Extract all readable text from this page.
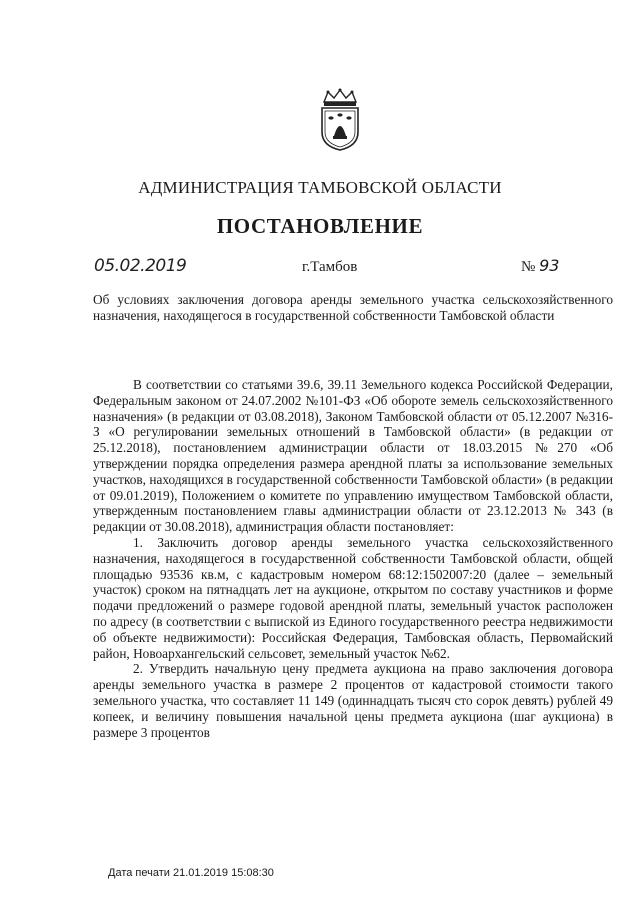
АДМИНИСТРАЦИЯ ТАМБОВСКОЙ ОБЛАСТИ
ПОСТАНОВЛЕНИЕ
05.02.2019	г.Тамбов	№ 93
Об условиях заключения договора аренды земельного участка сельскохозяйственного назначения, находящегося в государственной собственности Тамбовской области

В соответствии со статьями 39.6, 39.11 Земельного кодекса Российской Федерации, Федеральным законом от 24.07.2002 №101-ФЗ «Об обороте земель сельскохозяйственного назначения» (в редакции от 03.08.2018), Законом Тамбовской области от 05.12.2007 №316-З «О регулировании земельных отношений в Тамбовской области» (в редакции от 25.12.2018), постановлением администрации области от 18.03.2015 №270 «Об утверждении порядка определения размера арендной платы за использование земельных участков, находящихся в государственной собственности Тамбовской области» (в редакции от 09.01.2019), Положением о комитете по управлению имуществом Тамбовской области, утвержденным постановлением главы администрации области от 23.12.2013 № 343 (в редакции от 30.08.2018), администрация области постановляет:

1. Заключить договор аренды земельного участка сельскохозяйственного назначения, находящегося в государственной собственности Тамбовской области, общей площадью 93536 кв.м, с кадастровым номером 68:12:1502007:20 (далее – земельный участок) сроком на пятнадцать лет на аукционе, открытом по составу участников и форме подачи предложений о размере годовой арендной платы, земельный участок расположен по адресу (в соответствии с выпиской из Единого государственного реестра недвижимости об объекте недвижимости): Российская Федерация, Тамбовская область, Первомайский район, Новоархангельский сельсовет, земельный участок №62.

2. Утвердить начальную цену предмета аукциона на право заключения договора аренды земельного участка в размере 2 процентов от кадастровой стоимости такого земельного участка, что составляет 11 149 (одиннадцать тысяч сто сорок девять) рублей 49 копеек, и величину повышения начальной цены предмета аукциона (шаг аукциона) в размере 3 процентов

Дата печати 21.01.2019 15:08:30
